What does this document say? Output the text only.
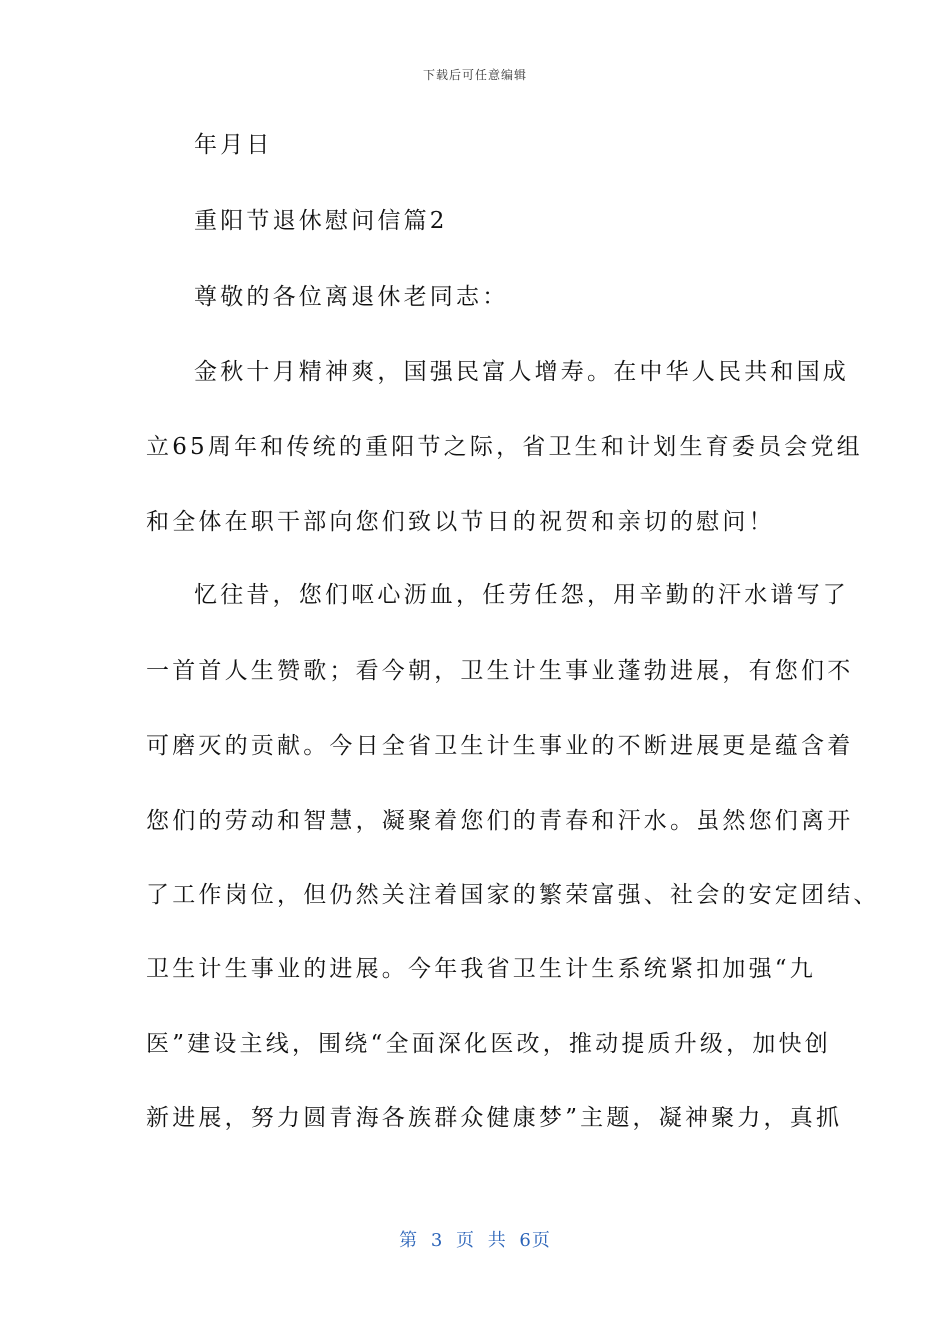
下载后可任意编辑
年月日
重阳节退休慰问信篇2
尊敬的各位离退休老同志：
金秋十月精神爽，国强民富人增寿。在中华人民共和国成
立65周年和传统的重阳节之际，省卫生和计划生育委员会党组
和全体在职干部向您们致以节日的祝贺和亲切的慰问！
忆往昔，您们呕心沥血，任劳任怨，用辛勤的汗水谱写了
一首首人生赞歌；看今朝，卫生计生事业蓬勃进展，有您们不
可磨灭的贡献。今日全省卫生计生事业的不断进展更是蕴含着
您们的劳动和智慧，凝聚着您们的青春和汗水。虽然您们离开
了工作岗位，但仍然关注着国家的繁荣富强、社会的安定团结、
卫生计生事业的进展。今年我省卫生计生系统紧扣加强“九
医”建设主线，围绕“全面深化医改，推动提质升级，加快创
新进展，努力圆青海各族群众健康梦”主题，凝神聚力，真抓
第 3 页 共 6页
